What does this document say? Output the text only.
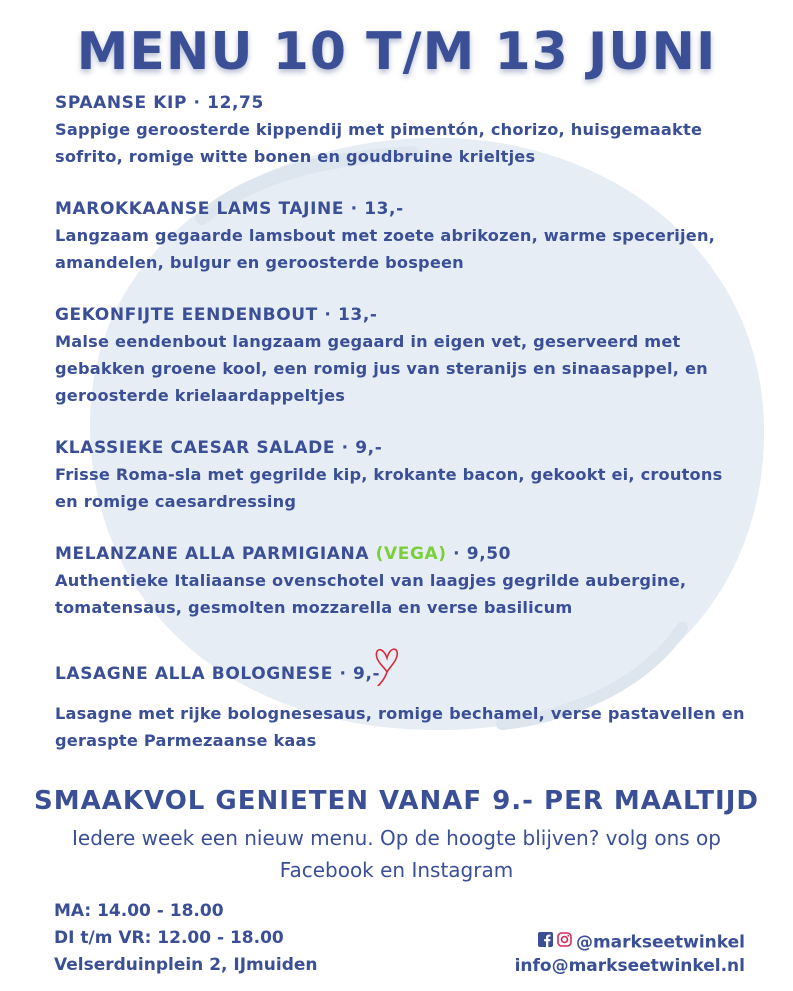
MENU 10 T/M 13 JUNI
SPAANSE KIP · 12,75
Sappige geroosterde kippendij met pimentón, chorizo, huisgemaakte sofrito, romige witte bonen en goudbruine krieltjes
MAROKKAANSE LAMS TAJINE · 13,-
Langzaam gegaarde lamsbout met zoete abrikozen, warme specerijen, amandelen, bulgur en geroosterde bospeen
GEKONFIJTE EENDENBOUT · 13,-
Malse eendenbout langzaam gegaard in eigen vet, geserveerd met gebakken groene kool, een romig jus van steranijs en sinaasappel, en geroosterde krielaardappeltjes
KLASSIEKE CAESAR SALADE · 9,-
Frisse Roma-sla met gegrilde kip, krokante bacon, gekookt ei, croutons en romige caesardressing
MELANZANE ALLA PARMIGIANA (VEGA) · 9,50
Authentieke Italiaanse ovenschotel van laagjes gegrilde aubergine, tomatensaus, gesmolten mozzarella en verse basilicum
LASAGNE ALLA BOLOGNESE · 9,-
Lasagne met rijke bolognesesaus, romige bechamel, verse pastavellen en geraspte Parmezaanse kaas
SMAAKVOL GENIETEN VANAF 9.- PER MAALTIJD
Iedere week een nieuw menu. Op de hoogte blijven? volg ons op Facebook en Instagram
MA: 14.00 - 18.00
DI t/m VR: 12.00 - 18.00
Velserduinplein 2, IJmuiden
@markseetwinkel
info@markseetwinkel.nl
